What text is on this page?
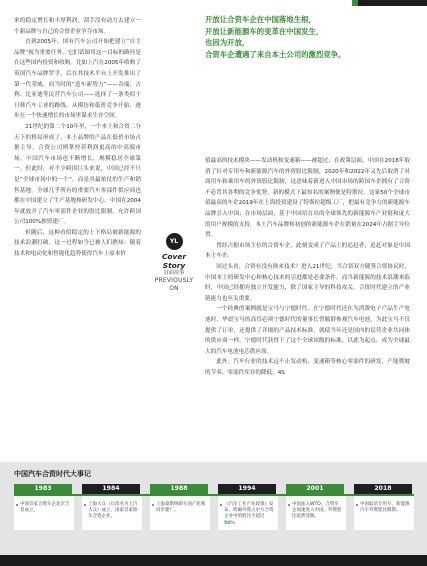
来的稳定增长和丰厚利润，刮手没有动力去建立一个新品牌与自己的合资企业争夺市场。

直到2005年，国有汽车公司开始把建立“自主品牌”视为重要任务，它们试图用这一目标的路径是在这些国内投资和收购。比如上汽在2005年收购了英国汽车品牌罗孚，后在其技术平台上开发推出了第一代荣威。而当时的“造车新势力”——奇瑞、吉利、比亚迪等民营汽车公司——选择了一条类似于日韩汽车工业的路线，从模仿和低价竞争开始，逐步在一个快速增长的市场里谋求生存空间。

21世纪的第二个10年里，一个本土和合资二分天下的格局形成了。本土品牌的产品在低价市场占据主导，合资公司则掌控着利润更高的中高端市场。中国汽车市场也不断增长，规模稳居全球第一。但此时，对不少跨国巨头来说，中国已经不只是“全球市场中的一个”，而是其最依仗的生产和销售基地。全球几乎所有的重要汽车零部件供应商也都在中国建立了生产基地和研发中心。中国在2004年就放开了汽车零部件企业的股比限制，允许跨国公司100%独资建厂。

但随后，这种看似稳定的上下格局被新能源的技术浪潮打破。这一过程如今已被人们熟知：随着技术和电动化和智能化趋势使得汽车上原本价

开放让合资车企在中国落地生根，
开放让新能源车的变革在中国发生，
也因为开放，
合资车企遭遇了来自本土公司的激烈竞争。
YL
Cover Story
封面故事
PREVIOUSLY
ON

值最高的技术模块——发动机和变速箱——被超过；在政策层面，中国在2018年取消了针对专用车和新能源汽车的外资股比限制，2020年和2022年又先后取消了对商用车和乘用车的外资股比限制，这意味着新进入中国市场的跨国车企拥有了合资不必背其各利的竞争优势，新的模式下最知名的案例便是特斯拉。这家50个全球市值最高的车企2019年在上海投资建设了特斯拉超级工厂，把最有竞争力的新能源车品牌引入中国；在市场层面，基于中国培育出的全球领先的新能源车产业链和庞大的用户规模的支持，本土汽车品牌和初创的新能源车企在销量在2024年占据主导位置。

曾经占据市场主位的合资车企，此刻变成了产品上的追赶者，追赶对象是中国本土车企。

回过头看，合资有没有换来技术？进入21世纪，当合资双方随签合资协议时，中国本土的研发中心和核心技术的引进都是必要条件。而当新能源的技术浪潮来临时，中国已经拥有独立开发能力，除了国家主导的科技攻关，合资时代建立的产业链能力也至关重要。

一个经典的案例就是宝马与宁德时代。在宁德时代还在为消费电子产品生产电池时，华晨宝马的高管必须宁德时代的董事长曾毓群参观汽车电池，为此宝马不仅提供了订单，还提供了详细的产品技术标准，就使当年还是国内的民营企业共同体的供应商一样，宁德时代获得下了这个全球顶级的标准，以此为起点，成为全球最大的汽车电池电芯供应商。

此外，汽车行业的技术远不止发动机、变速箱等核心零部件的研发，产能爬坡的节奏、零部件库存的降低、4S

中国汽车合资时代大事记
1983
中国首家合资车企北京吉普成立。
1984
上海大众（后改名为上汽大众）成立，国家首家轿车合资企业。
1988
上海桑塔纳轿车国产化和同步建厂。
1994
《汽车工业产业政策》发布。明确外资占中方合资企业中的股比不超过50%
2001
中国加入WTO，合资车企加速进入中国，外资股比依然受限。
2018
中国取消专用车、新能源汽车外资股比限制。
